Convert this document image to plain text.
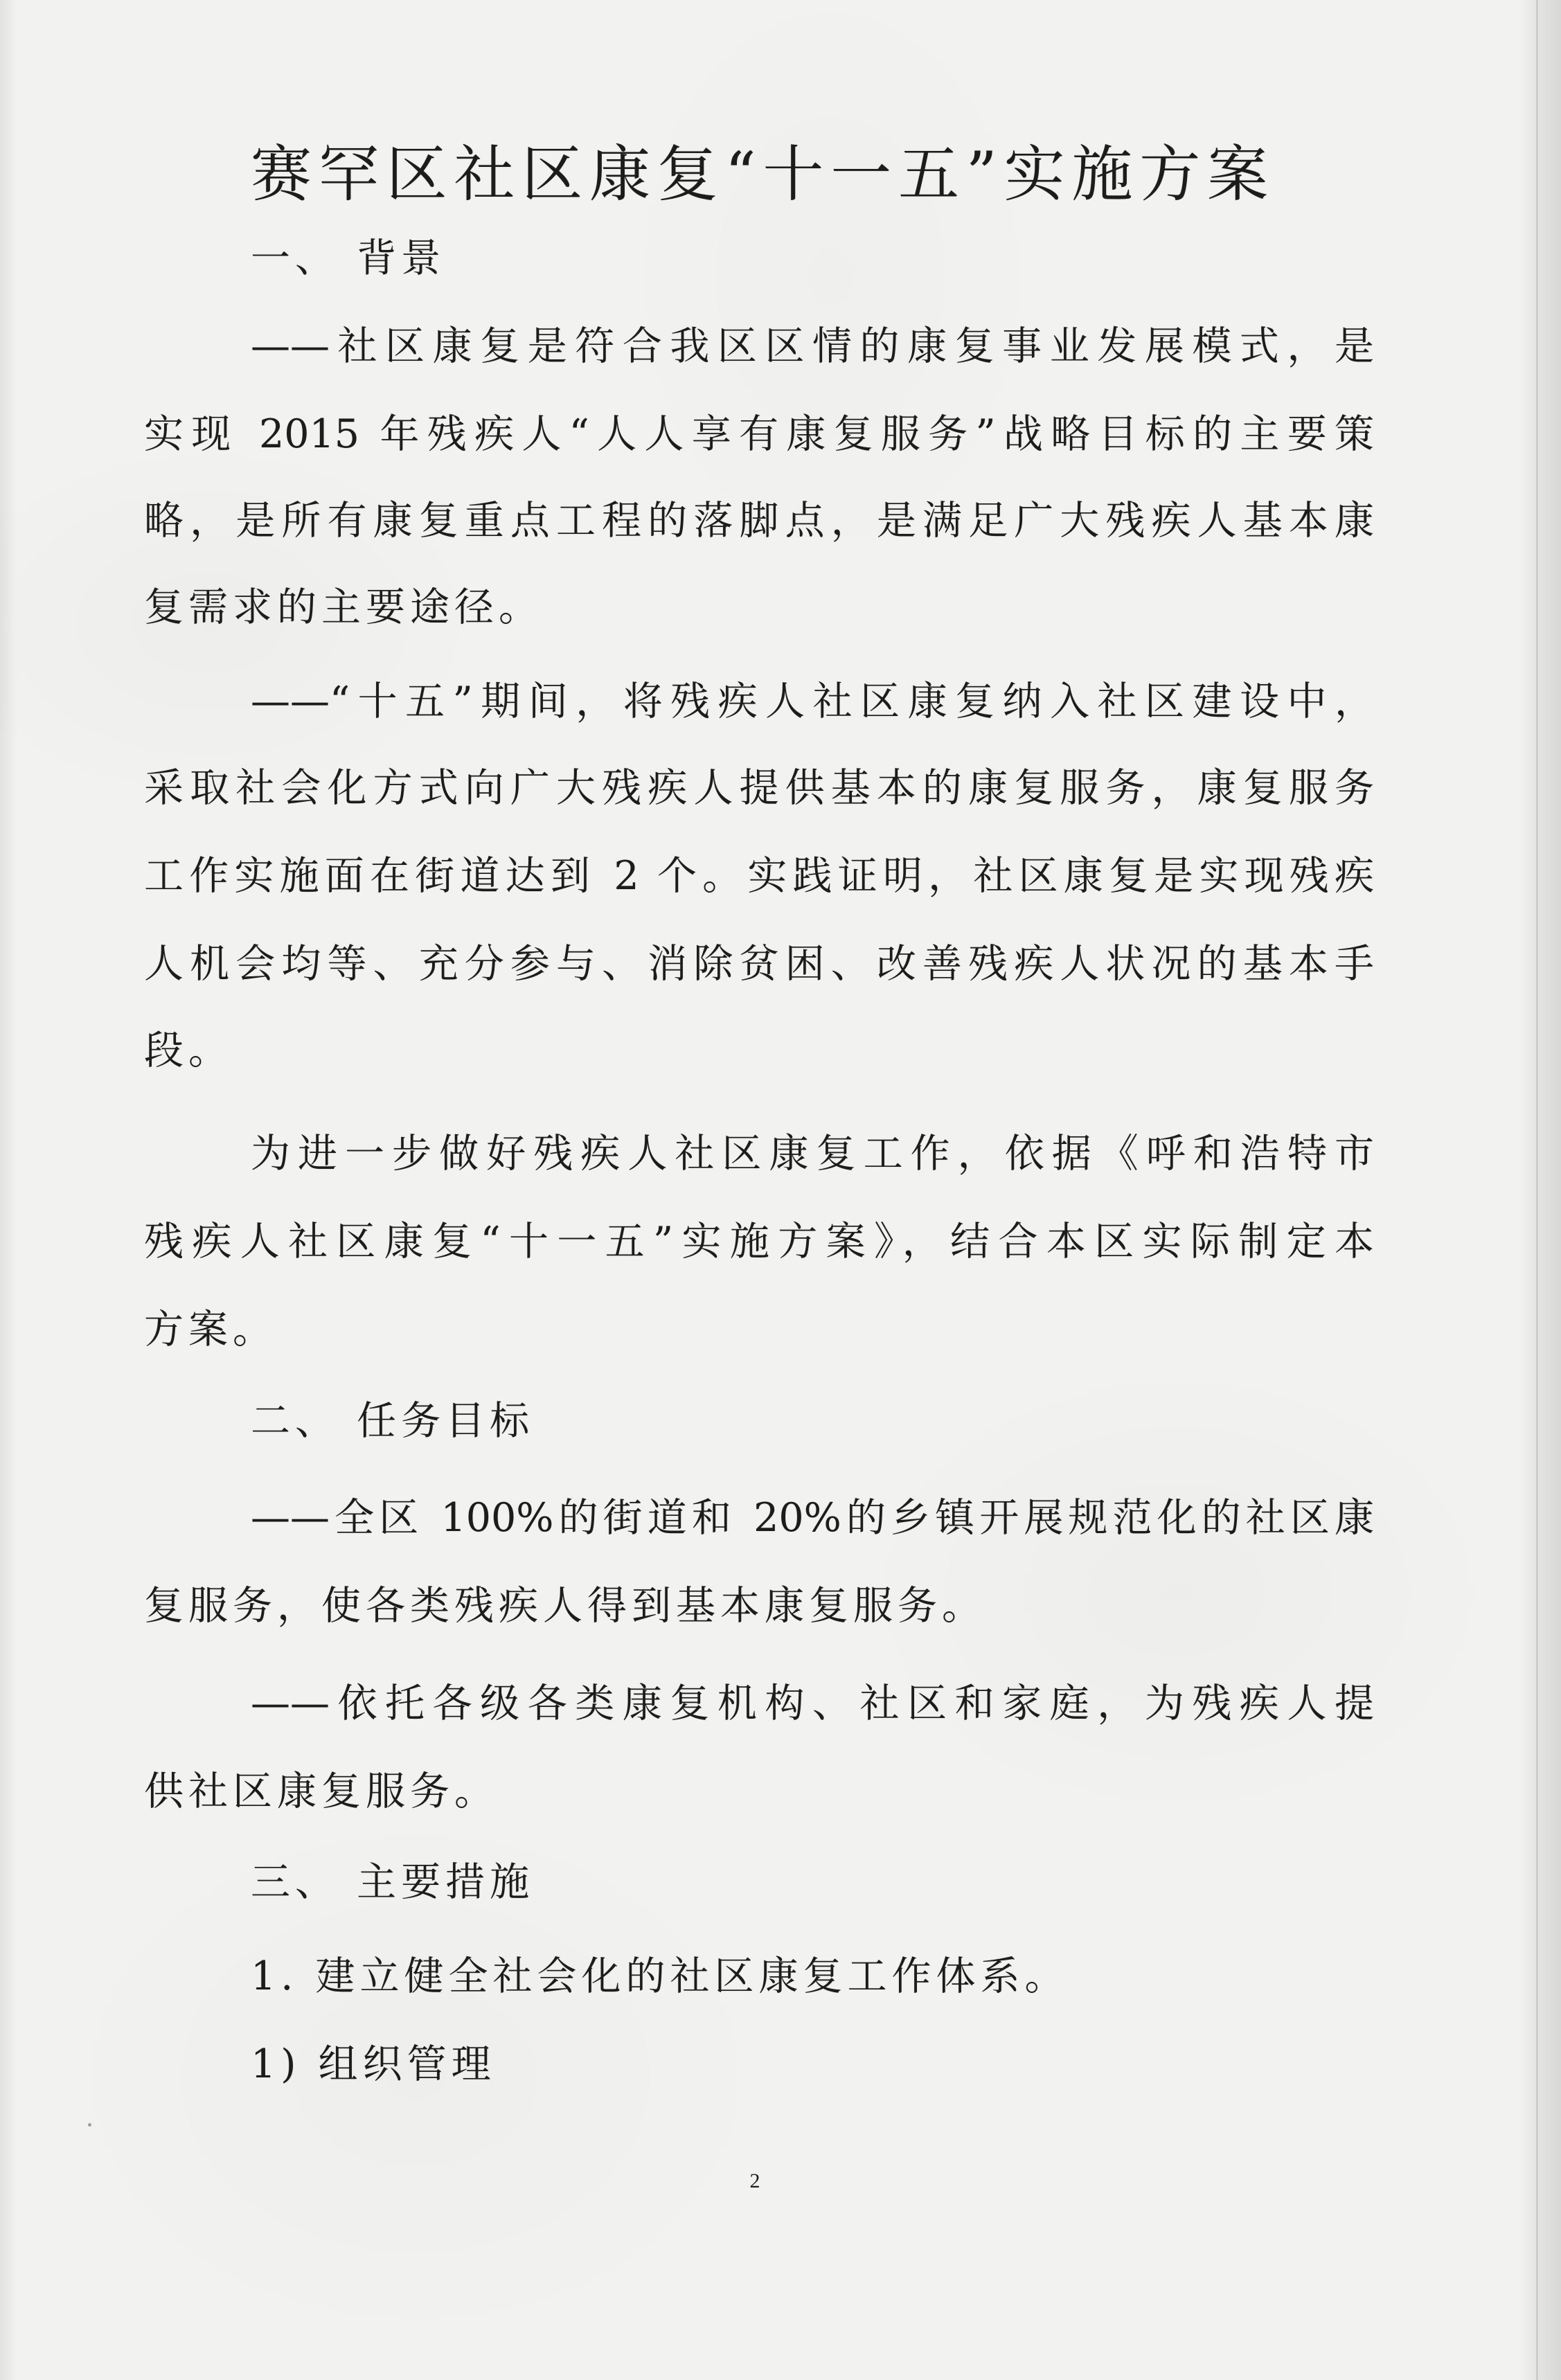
赛罕区社区康复“十一五”实施方案
一、 背景
——社区康复是符合我区区情的康复事业发展模式，是
实现 2015 年残疾人“人人享有康复服务”战略目标的主要策
略，是所有康复重点工程的落脚点，是满足广大残疾人基本康
复需求的主要途径。
——“十五”期间，将残疾人社区康复纳入社区建设中，
采取社会化方式向广大残疾人提供基本的康复服务，康复服务
工作实施面在街道达到 2 个。实践证明，社区康复是实现残疾
人机会均等、充分参与、消除贫困、改善残疾人状况的基本手
段。
为进一步做好残疾人社区康复工作，依据《呼和浩特市
残疾人社区康复“十一五”实施方案》，结合本区实际制定本
方案。
二、 任务目标
——全区 100%的街道和 20%的乡镇开展规范化的社区康
复服务，使各类残疾人得到基本康复服务。
——依托各级各类康复机构、社区和家庭，为残疾人提
供社区康复服务。
三、 主要措施
1. 建立健全社会化的社区康复工作体系。
1) 组织管理
2
